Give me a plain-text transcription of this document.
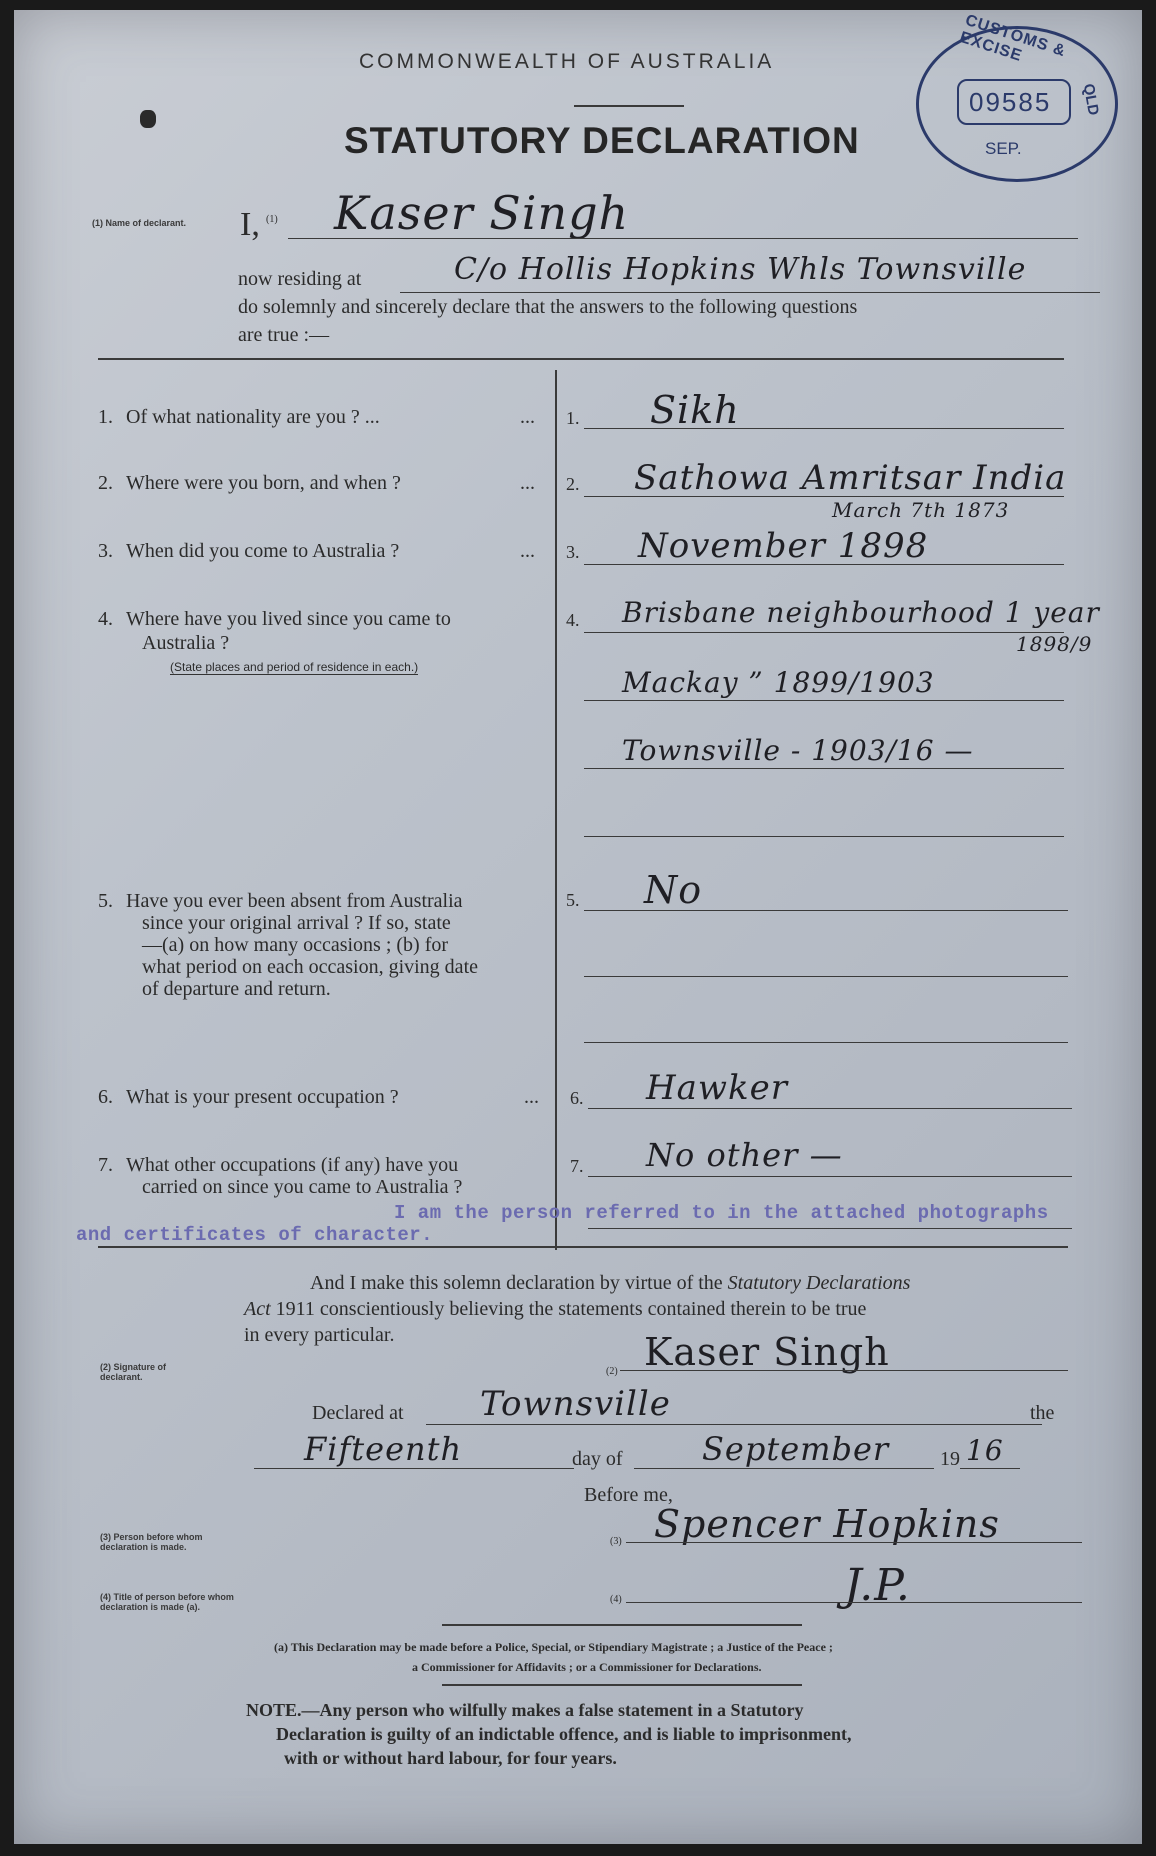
COMMONWEALTH OF AUSTRALIA
STATUTORY DECLARATION
CUSTOMS & EXCISE
QLD
09585
SEP.
(1) Name of declarant.	I, (1) Kaser Singh
now residing at	C/o Hollis Hopkins Whls Townsville
do solemnly and sincerely declare that the answers to the following questions
are true :—
1. Of what nationality are you ? ...	... 1. Sikh
2. Where were you born, and when ?	... 2. Sathowa Amritsar India
March 7th 1873
3. When did you come to Australia ?	... 3. November 1898
4. Where have you lived since you came to
Australia ?
(State places and period of residence in each.)
4. Brisbane neighbourhood 1 year
1898/9
Mackay ” 1899/1903
Townsville - 1903/16 —
5. Have you ever been absent from Australia
since your original arrival ? If so, state
—(a) on how many occasions ; (b) for
what period on each occasion, giving date
of departure and return.
5. No
6. What is your present occupation ?	... 6. Hawker
7. What other occupations (if any) have you
carried on since you came to Australia ?
7. No other —
I am the person referred to in the attached photographs
and certificates of character.
And I make this solemn declaration by virtue of the Statutory Declarations
Act 1911 conscientiously believing the statements contained therein to be true
in every particular.
(2) Signature of declarant.	(2) Kaser Singh
Declared at Townsville	the
Fifteenth	day of September	19 16
Before me,
(3) Person before whom declaration is made.	(3) Spencer Hopkins
(4) Title of person before whom declaration is made (a).
(4)	J.P.
(a) This Declaration may be made before a Police, Special, or Stipendiary Magistrate ; a Justice of the Peace ;
a Commissioner for Affidavits ; or a Commissioner for Declarations.
NOTE.—Any person who wilfully makes a false statement in a Statutory
Declaration is guilty of an indictable offence, and is liable to imprisonment,
with or without hard labour, for four years.
